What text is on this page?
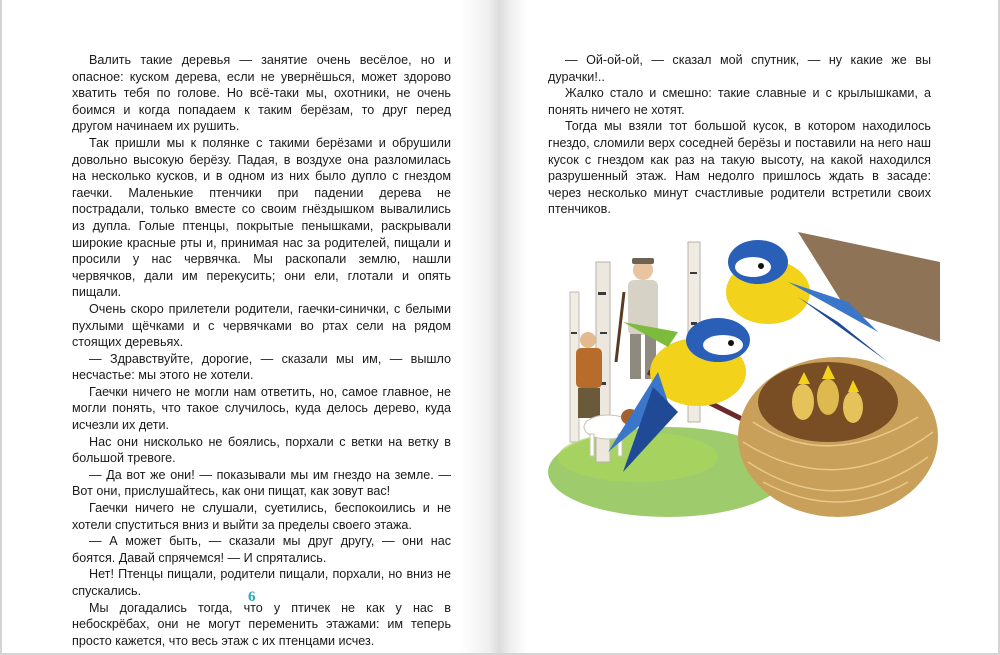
Валить такие деревья — занятие очень весёлое, но и опасное: куском дерева, если не увернёшься, может здорово хватить тебя по голове. Но всё-таки мы, охотники, не очень боимся и когда попадаем к таким берёзам, то друг перед другом начинаем их рушить.

Так пришли мы к полянке с такими берёзами и обрушили довольно высокую берёзу. Падая, в воздухе она разломилась на несколько кусков, и в одном из них было дупло с гнездом гаечки. Маленькие птенчики при падении дерева не пострадали, только вместе со своим гнёздышком вывалились из дупла. Голые птенцы, покрытые пенышками, раскрывали широкие красные рты и, принимая нас за родителей, пищали и просили у нас червячка. Мы раскопали землю, нашли червячков, дали им перекусить; они ели, глотали и опять пищали.

Очень скоро прилетели родители, гаечки-синички, с белыми пухлыми щёчками и с червячками во ртах сели на рядом стоящих деревьях.

— Здравствуйте, дорогие, — сказали мы им, — вышло несчастье: мы этого не хотели.

Гаечки ничего не могли нам ответить, но, самое главное, не могли понять, что такое случилось, куда делось дерево, куда исчезли их дети.

Нас они нисколько не боялись, порхали с ветки на ветку в большой тревоге.

— Да вот же они! — показывали мы им гнездо на земле. — Вот они, прислушайтесь, как они пищат, как зовут вас!

Гаечки ничего не слушали, суетились, беспокоились и не хотели спуститься вниз и выйти за пределы своего этажа.

— А может быть, — сказали мы друг другу, — они нас боятся. Давай спрячемся! — И спрятались.

Нет! Птенцы пищали, родители пищали, порхали, но вниз не спускались.

Мы догадались тогда, что у птичек не как у нас в небоскрёбах, они не могут переменить этажами: им теперь просто кажется, что весь этаж с их птенцами исчез.

6

— Ой-ой-ой, — сказал мой спутник, — ну какие же вы дурачки!..

Жалко стало и смешно: такие славные и с крылышками, а понять ничего не хотят.

Тогда мы взяли тот большой кусок, в котором находилось гнездо, сломили верх соседней берёзы и поставили на него наш кусок с гнездом как раз на такую высоту, на какой находился разрушенный этаж. Нам недолго пришлось ждать в засаде: через несколько минут счастливые родители встретили своих птенчиков.
